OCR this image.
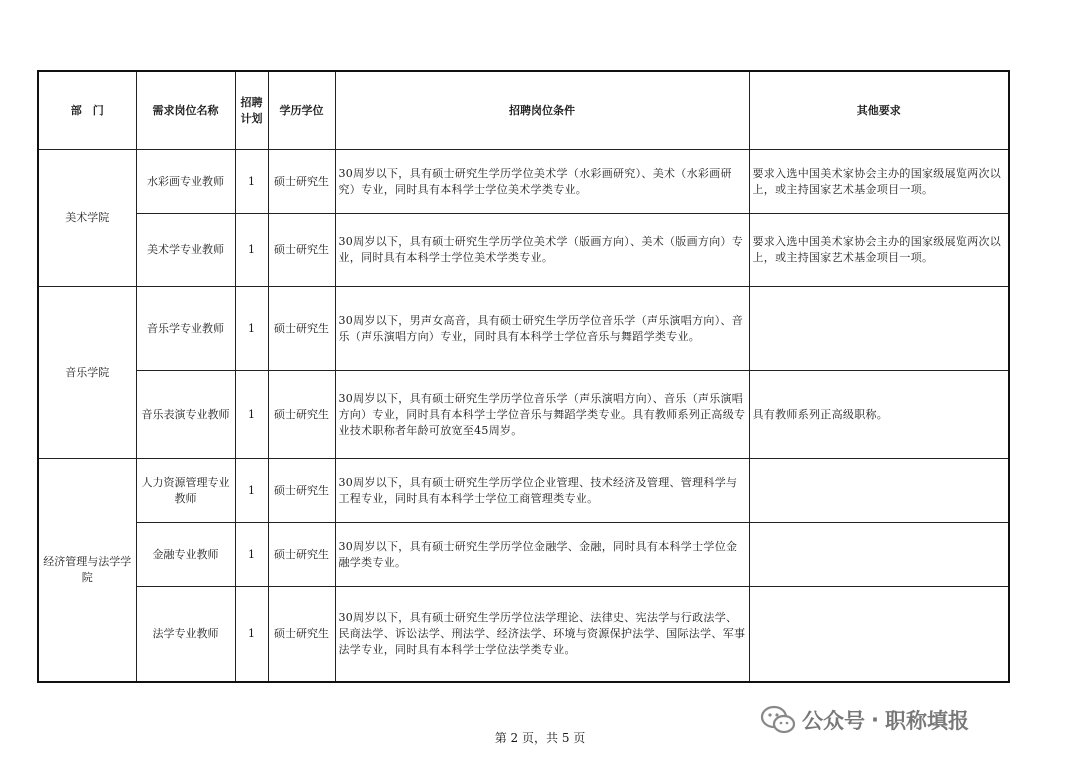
部　门	需求岗位名称	招聘计划	学历学位	招聘岗位条件	其他要求
美术学院	水彩画专业教师	1	硕士研究生	30周岁以下，具有硕士研究生学历学位美术学（水彩画研究）、美术（水彩画研究）专业，同时具有本科学士学位美术学类专业。	要求入选中国美术家协会主办的国家级展览两次以上，或主持国家艺术基金项目一项。
	美术学专业教师	1	硕士研究生	30周岁以下，具有硕士研究生学历学位美术学（版画方向）、美术（版画方向）专业，同时具有本科学士学位美术学类专业。	要求入选中国美术家协会主办的国家级展览两次以上，或主持国家艺术基金项目一项。
音乐学院	音乐学专业教师	1	硕士研究生	30周岁以下，男声女高音，具有硕士研究生学历学位音乐学（声乐演唱方向）、音乐（声乐演唱方向）专业，同时具有本科学士学位音乐与舞蹈学类专业。	
	音乐表演专业教师	1	硕士研究生	30周岁以下，具有硕士研究生学历学位音乐学（声乐演唱方向）、音乐（声乐演唱方向）专业，同时具有本科学士学位音乐与舞蹈学类专业。具有教师系列正高级专业技术职称者年龄可放宽至45周岁。	具有教师系列正高级职称。
经济管理与法学学院	人力资源管理专业教师	1	硕士研究生	30周岁以下，具有硕士研究生学历学位企业管理、技术经济及管理、管理科学与工程专业，同时具有本科学士学位工商管理类专业。	
	金融专业教师	1	硕士研究生	30周岁以下，具有硕士研究生学历学位金融学、金融，同时具有本科学士学位金融学类专业。	
	法学专业教师	1	硕士研究生	30周岁以下，具有硕士研究生学历学位法学理论、法律史、宪法学与行政法学、民商法学、诉讼法学、刑法学、经济法学、环境与资源保护法学、国际法学、军事法学专业，同时具有本科学士学位法学类专业。	
公众号 · 职称填报
第 2 页，共 5 页
